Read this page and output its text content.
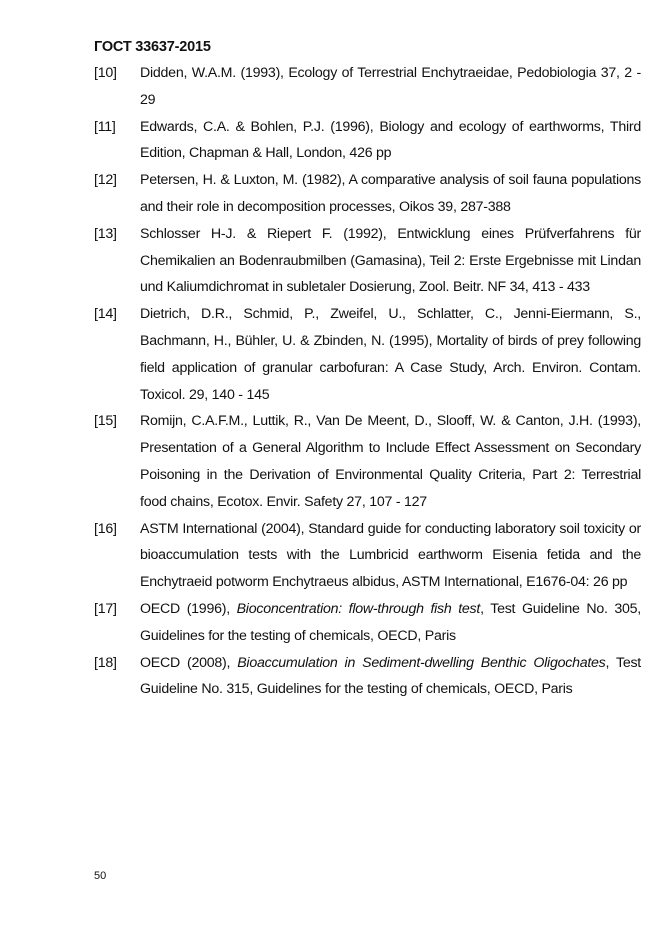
ГОСТ 33637-2015
[10] Didden, W.A.M. (1993), Ecology of Terrestrial Enchytraeidae, Pedobiologia 37, 2 - 29
[11] Edwards, C.A. & Bohlen, P.J. (1996), Biology and ecology of earthworms, Third Edition, Chapman & Hall, London, 426 pp
[12] Petersen, H. & Luxton, M. (1982), A comparative analysis of soil fauna populations and their role in decomposition processes, Oikos 39, 287-388
[13] Schlosser H-J. & Riepert F. (1992), Entwicklung eines Prüfverfahrens für Chemikalien an Bodenraubmilben (Gamasina), Teil 2: Erste Ergebnisse mit Lindan und Kaliumdichromat in subletaler Dosierung, Zool. Beitr. NF 34, 413 - 433
[14] Dietrich, D.R., Schmid, P., Zweifel, U., Schlatter, C., Jenni-Eiermann, S., Bachmann, H., Bühler, U. & Zbinden, N. (1995), Mortality of birds of prey following field application of granular carbofuran: A Case Study, Arch. Environ. Contam. Toxicol. 29, 140 - 145
[15] Romijn, C.A.F.M., Luttik, R., Van De Meent, D., Slooff, W. & Canton, J.H. (1993), Presentation of a General Algorithm to Include Effect Assessment on Secondary Poisoning in the Derivation of Environmental Quality Criteria, Part 2: Terrestrial food chains, Ecotox. Envir. Safety 27, 107 - 127
[16] ASTM International (2004), Standard guide for conducting laboratory soil toxicity or bioaccumulation tests with the Lumbricid earthworm Eisenia fetida and the Enchytraeid potworm Enchytraeus albidus, ASTM International, E1676-04: 26 pp
[17] OECD (1996), Bioconcentration: flow-through fish test, Test Guideline No. 305, Guidelines for the testing of chemicals, OECD, Paris
[18] OECD (2008), Bioaccumulation in Sediment-dwelling Benthic Oligochates, Test Guideline No. 315, Guidelines for the testing of chemicals, OECD, Paris
50
